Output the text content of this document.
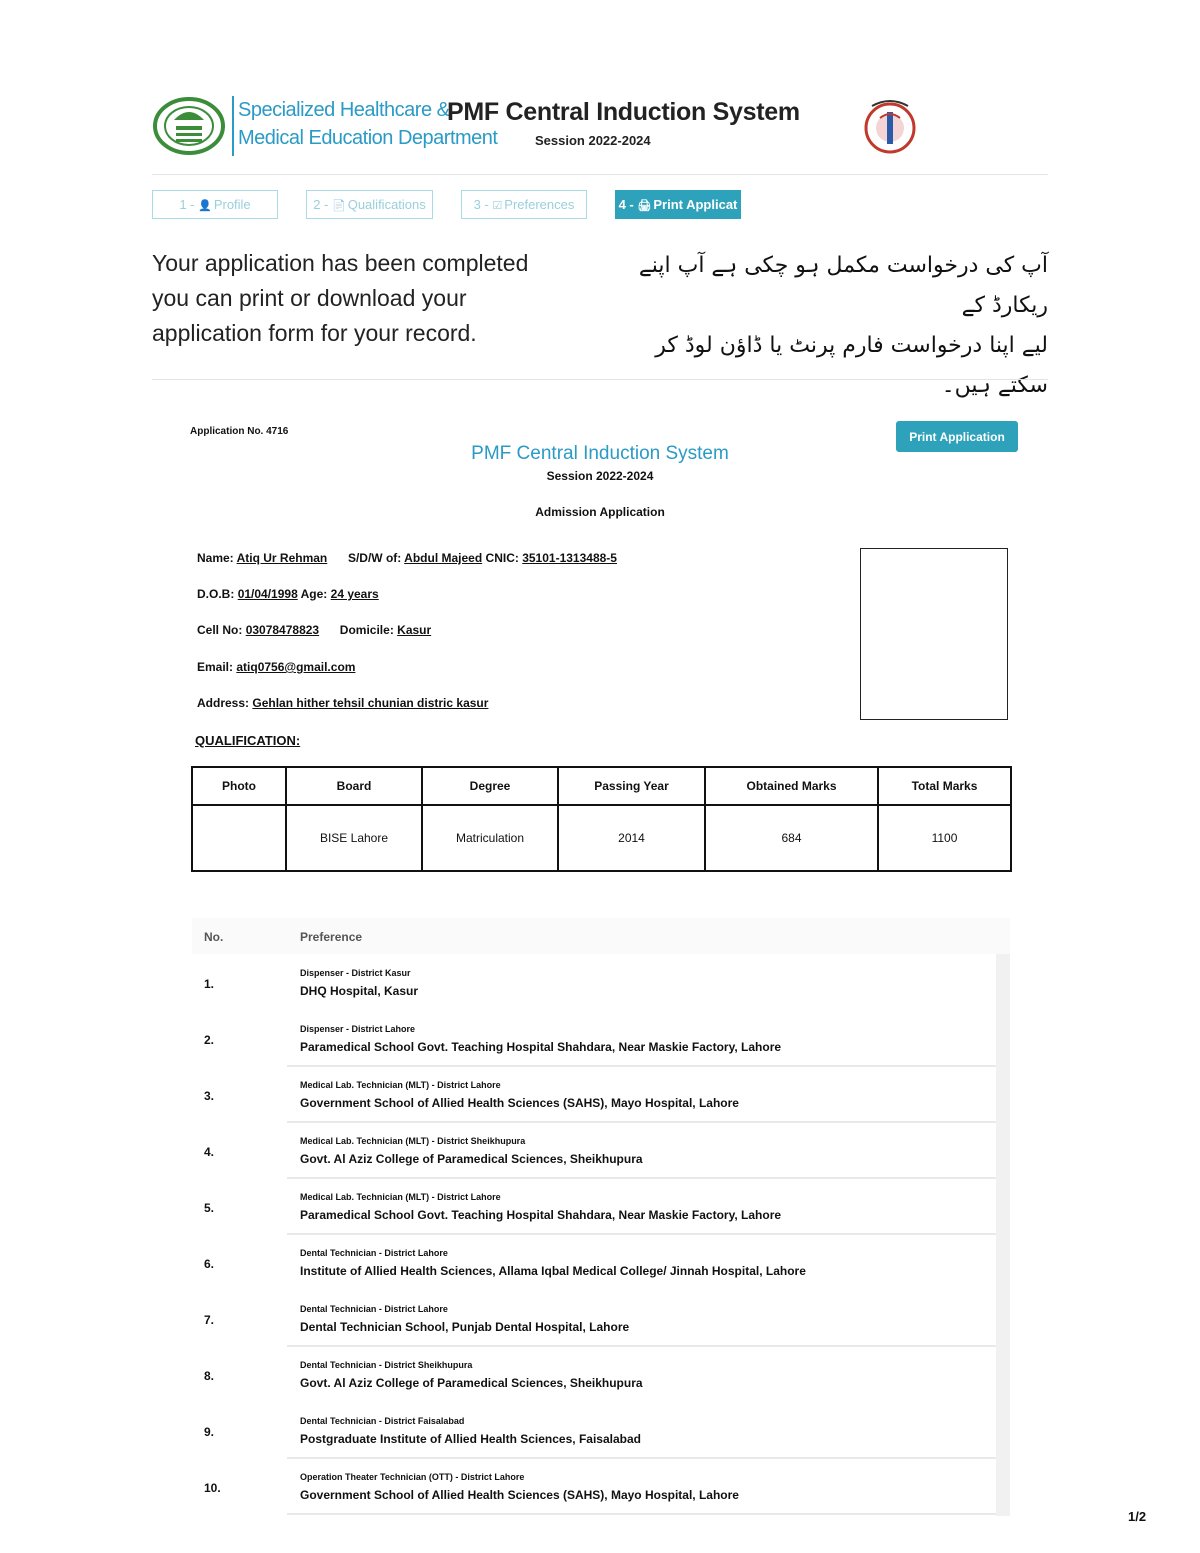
Specialized Healthcare &
Medical Education Department
PMF Central Induction System
Session 2022-2024
1 - 👤 Profile	2 - 📄 Qualifications	3 - ☑ Preferences	4 - 🖨 Print Applicat
Your application has been completed
you can print or download your
application form for your record.
آپ کی درخواست مکمل ہو چکی ہے آپ اپنے ریکارڈ کے
لیے اپنا درخواست فارم پرنٹ یا ڈاؤن لوڈ کر سکتے ہیں۔
Application No. 4716	Print Application
PMF Central Induction System
Session 2022-2024
Admission Application
Name: Atiq Ur Rehman S/D/W of: Abdul Majeed CNIC: 35101-1313488-5
D.O.B: 01/04/1998 Age: 24 years
Cell No: 03078478823 Domicile: Kasur
Email: atiq0756@gmail.com
Address: Gehlan hither tehsil chunian distric kasur
QUALIFICATION:
Photo	Board	Degree	Passing Year	Obtained Marks	Total Marks
	BISE Lahore	Matriculation	2014	684	1100
No.	Preference
1.
Dispenser - District Kasur
DHQ Hospital, Kasur
2.
Dispenser - District Lahore
Paramedical School Govt. Teaching Hospital Shahdara, Near Maskie Factory, Lahore
3.
Medical Lab. Technician (MLT) - District Lahore
Government School of Allied Health Sciences (SAHS), Mayo Hospital, Lahore
4.
Medical Lab. Technician (MLT) - District Sheikhupura
Govt. Al Aziz College of Paramedical Sciences, Sheikhupura
5.
Medical Lab. Technician (MLT) - District Lahore
Paramedical School Govt. Teaching Hospital Shahdara, Near Maskie Factory, Lahore
6.
Dental Technician - District Lahore
Institute of Allied Health Sciences, Allama Iqbal Medical College/ Jinnah Hospital, Lahore
7.
Dental Technician - District Lahore
Dental Technician School, Punjab Dental Hospital, Lahore
8.
Dental Technician - District Sheikhupura
Govt. Al Aziz College of Paramedical Sciences, Sheikhupura
9.
Dental Technician - District Faisalabad
Postgraduate Institute of Allied Health Sciences, Faisalabad
10.
Operation Theater Technician (OTT) - District Lahore
Government School of Allied Health Sciences (SAHS), Mayo Hospital, Lahore
1/2
